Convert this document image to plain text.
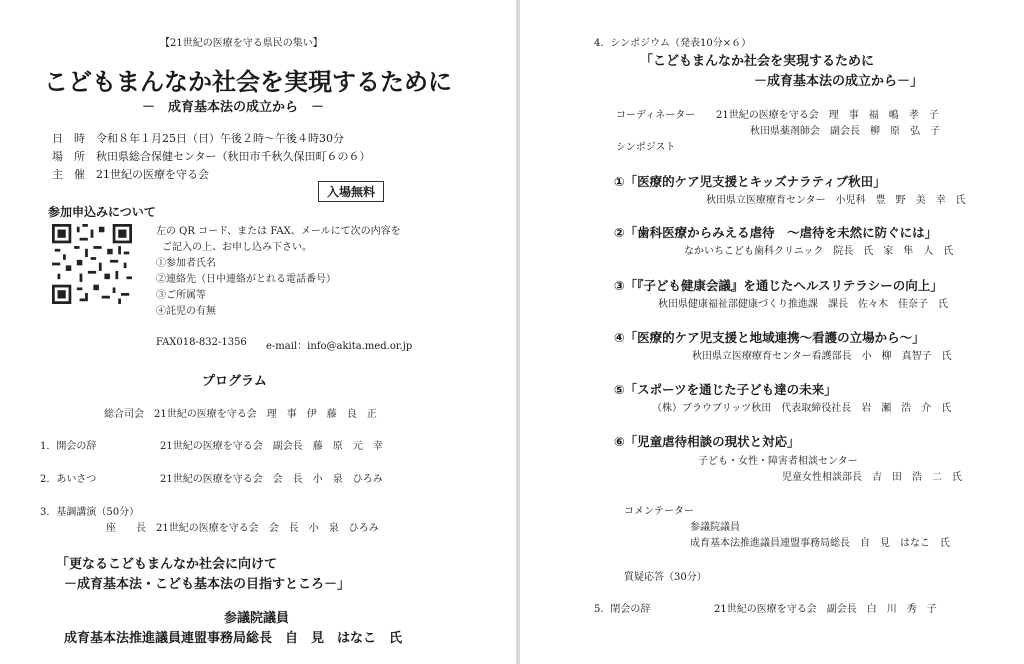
【21世紀の医療を守る県民の集い】
こどもまんなか社会を実現するために
－　成育基本法の成立から　－
日　時　 令和８年１月25日（日）午後２時～午後４時30分
場　所　 秋田県総合保健センター（秋田市千秋久保田町６の６）
主　催　 21世紀の医療を守る会
入場無料
参加申込みについて
左の QR コード、または FAX、メールにて次の内容を
ご記入の上、お申し込み下さい。
①参加者氏名
②連絡先（日中連絡がとれる電話番号）
③ご所属等
④託児の有無
FAX018-832-1356 e-mail：info@akita.med.or.jp
プログラム
総合司会　 21世紀の医療を守る会　 理　事　 伊　藤　良　正
1．開会の辞	21世紀の医療を守る会　 副会長　 藤　原　元　幸
2．あいさつ	21世紀の医療を守る会　 会　長　 小　泉　ひろみ
3．基調講演（50分）
座　　長　 21世紀の医療を守る会　 会　長　 小　泉　ひろみ
「更なるこどもまんなか社会に向けて
－成育基本法・こども基本法の目指すところ－」
参議院議員
成育基本法推進議員連盟事務局総長　自　見　はなこ　氏
4．シンポジウム（発表10分×６）
「こどもまんなか社会を実現するために
－成育基本法の成立から－」
コーディネーター 21世紀の医療を守る会　理　事　福　嶋　孝　子
秋田県薬剤師会　副会長　柳　原　弘　子
シンポジスト
①「医療的ケア児支援とキッズナラティブ秋田」
秋田県立医療療育センター　小児科　豊　野　美　幸　氏
②「歯科医療からみえる虐待　～虐待を未然に防ぐには」
なかいちこども歯科クリニック　院長　氏　家　隼　人　氏
③「『子ども健康会議』を通じたヘルスリテラシーの向上」
秋田県健康福祉部健康づくり推進課　課長　佐々木　佳奈子　氏
④「医療的ケア児支援と地域連携～看護の立場から～」
秋田県立医療療育センター看護部長　小　柳　真智子　氏
⑤「スポーツを通じた子ども達の未来」
（株）ブラウブリッツ秋田　代表取締役社長　岩　瀬　浩　介　氏
⑥「児童虐待相談の現状と対応」
子ども・女性・障害者相談センター
児童女性相談部長　吉　田　浩　二　氏
コメンテーター
参議院議員
成育基本法推進議員連盟事務局総長　自　見　はなこ　氏
質疑応答（30分）
5．閉会の辞	21世紀の医療を守る会　 副会長　 白　川　秀　子
